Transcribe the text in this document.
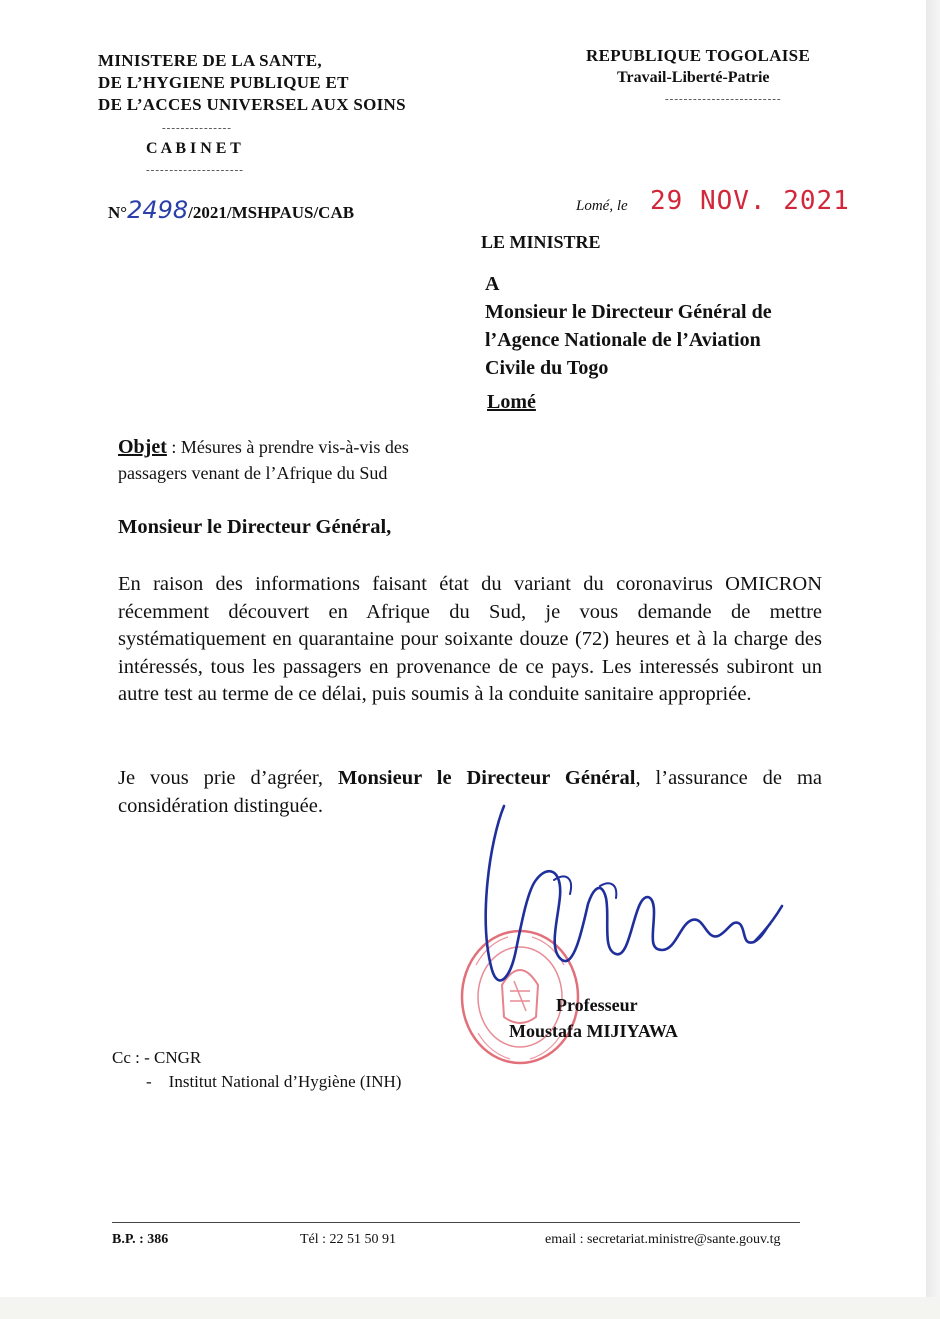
MINISTERE DE LA SANTE,
DE L’HYGIENE PUBLIQUE ET
DE L’ACCES UNIVERSEL AUX SOINS
---------------
C A B I N E T
---------------------
REPUBLIQUE TOGOLAISE
Travail-Liberté-Patrie
-------------------------
N°2498/2021/MSHPAUS/CAB	Lomé, le 29 NOV. 2021
LE MINISTRE
A
Monsieur le Directeur Général de
l’Agence Nationale de l’Aviation
Civile du Togo
Lomé
Objet : Mésures à prendre vis-à-vis des
passagers venant de l’Afrique du Sud
Monsieur le Directeur Général,
En raison des informations faisant état du variant du coronavirus OMICRON récemment découvert en Afrique du Sud, je vous demande de mettre systématiquement en quarantaine pour soixante douze (72) heures et à la charge des intéressés, tous les passagers en provenance de ce pays. Les interessés subiront un autre test au terme de ce délai, puis soumis à la conduite sanitaire appropriée.
Je vous prie d’agréer, Monsieur le Directeur Général, l’assurance de ma considération distinguée.
Professeur
Moustafa MIJIYAWA
Cc : - CNGR
-    Institut National d’Hygiène (INH)
B.P. : 386	Tél : 22 51 50 91	email : secretariat.ministre@sante.gouv.tg
